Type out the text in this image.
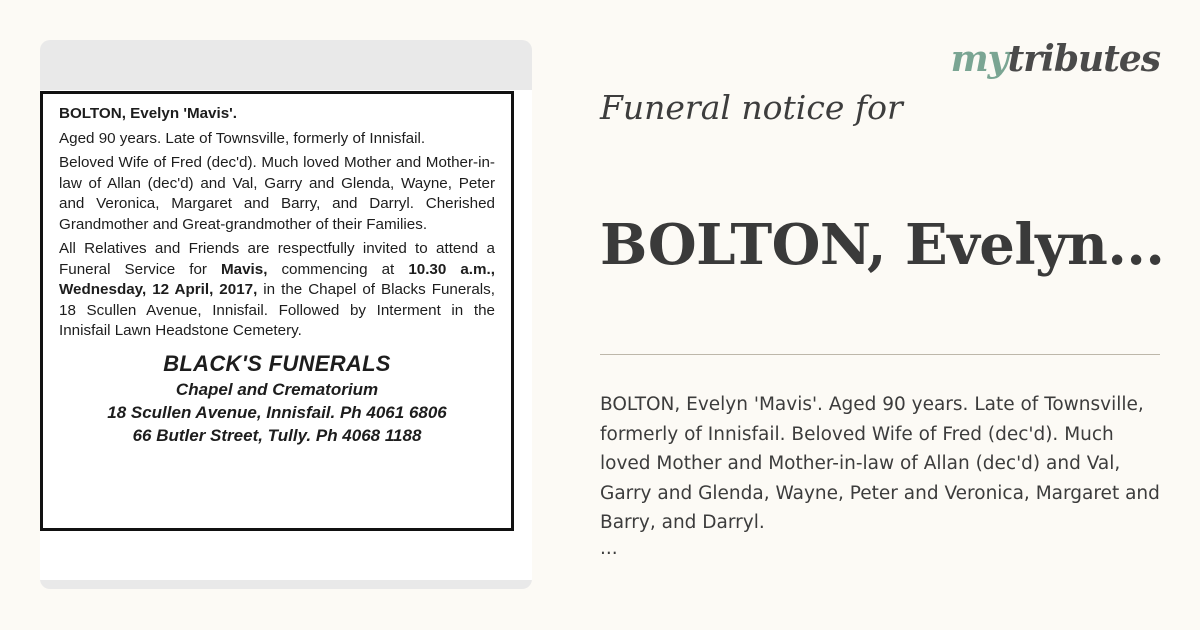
BOLTON, Evelyn 'Mavis'.

Aged 90 years. Late of Townsville, formerly of Innisfail.

Beloved Wife of Fred (dec'd). Much loved Mother and Mother-in-law of Allan (dec'd) and Val, Garry and Glenda, Wayne, Peter and Veronica, Margaret and Barry, and Darryl. Cherished Grandmother and Great-grandmother of their Families.

All Relatives and Friends are respectfully invited to attend a Funeral Service for Mavis, commencing at 10.30 a.m., Wednesday, 12 April, 2017, in the Chapel of Blacks Funerals, 18 Scullen Avenue, Innisfail. Followed by Interment in the Innisfail Lawn Headstone Cemetery.

BLACK'S FUNERALS
Chapel and Crematorium
18 Scullen Avenue, Innisfail. Ph 4061 6806
66 Butler Street, Tully. Ph 4068 1188
mytributes
Funeral notice for
BOLTON, Evelyn...
BOLTON, Evelyn 'Mavis'. Aged 90 years. Late of Townsville, formerly of Innisfail. Beloved Wife of Fred (dec'd). Much loved Mother and Mother-in-law of Allan (dec'd) and Val, Garry and Glenda, Wayne, Peter and Veronica, Margaret and Barry, and Darryl.
...
